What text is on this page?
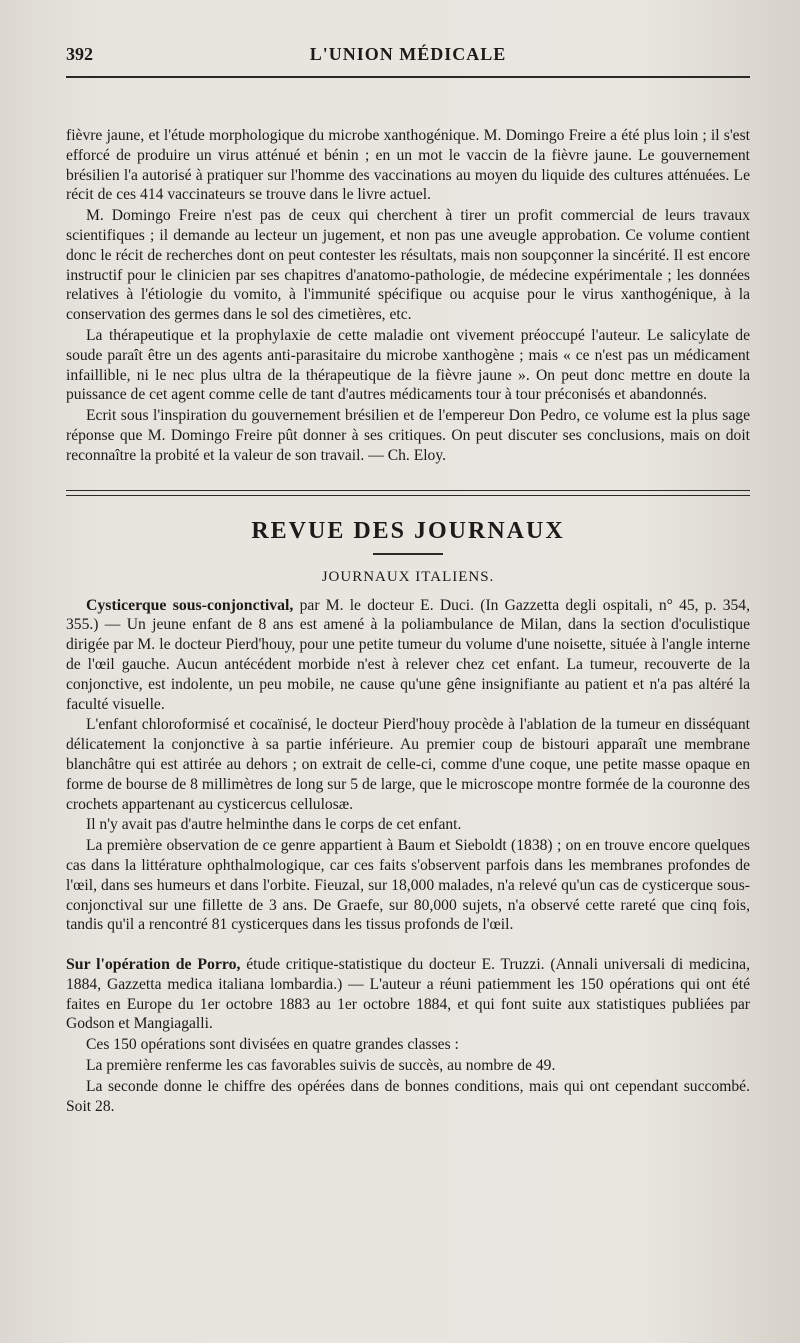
392	L'UNION MÉDICALE

fièvre jaune, et l'étude morphologique du microbe xanthogénique. M. Domingo Freire a été plus loin ; il s'est efforcé de produire un virus atténué et bénin ; en un mot le vaccin de la fièvre jaune. Le gouvernement brésilien l'a autorisé à pratiquer sur l'homme des vaccinations au moyen du liquide des cultures atténuées. Le récit de ces 414 vaccinateurs se trouve dans le livre actuel.

M. Domingo Freire n'est pas de ceux qui cherchent à tirer un profit commercial de leurs travaux scientifiques ; il demande au lecteur un jugement, et non pas une aveugle approbation. Ce volume contient donc le récit de recherches dont on peut contester les résultats, mais non soupçonner la sincérité. Il est encore instructif pour le clinicien par ses chapitres d'anatomo-pathologie, de médecine expérimentale ; les données relatives à l'étiologie du vomito, à l'immunité spécifique ou acquise pour le virus xanthogénique, à la conservation des germes dans le sol des cimetières, etc.

La thérapeutique et la prophylaxie de cette maladie ont vivement préoccupé l'auteur. Le salicylate de soude paraît être un des agents anti-parasitaire du microbe xanthogène ; mais « ce n'est pas un médicament infaillible, ni le nec plus ultra de la thérapeutique de la fièvre jaune ». On peut donc mettre en doute la puissance de cet agent comme celle de tant d'autres médicaments tour à tour préconisés et abandonnés.

Ecrit sous l'inspiration du gouvernement brésilien et de l'empereur Don Pedro, ce volume est la plus sage réponse que M. Domingo Freire pût donner à ses critiques. On peut discuter ses conclusions, mais on doit reconnaître la probité et la valeur de son travail. — Ch. Eloy.

REVUE DES JOURNAUX
JOURNAUX ITALIENS.

Cysticerque sous-conjonctival, par M. le docteur E. Duci. (In Gazzetta degli ospitali, n° 45, p. 354, 355.) — Un jeune enfant de 8 ans est amené à la poliambulance de Milan, dans la section d'oculistique dirigée par M. le docteur Pierd'houy, pour une petite tumeur du volume d'une noisette, située à l'angle interne de l'œil gauche. Aucun antécédent morbide n'est à relever chez cet enfant. La tumeur, recouverte de la conjonctive, est indolente, un peu mobile, ne cause qu'une gêne insignifiante au patient et n'a pas altéré la faculté visuelle.

L'enfant chloroformisé et cocaïnisé, le docteur Pierd'houy procède à l'ablation de la tumeur en disséquant délicatement la conjonctive à sa partie inférieure. Au premier coup de bistouri apparaît une membrane blanchâtre qui est attirée au dehors ; on extrait de celle-ci, comme d'une coque, une petite masse opaque en forme de bourse de 8 millimètres de long sur 5 de large, que le microscope montre formée de la couronne des crochets appartenant au cysticercus cellulosæ.

Il n'y avait pas d'autre helminthe dans le corps de cet enfant.

La première observation de ce genre appartient à Baum et Sieboldt (1838) ; on en trouve encore quelques cas dans la littérature ophthalmologique, car ces faits s'observent parfois dans les membranes profondes de l'œil, dans ses humeurs et dans l'orbite. Fieuzal, sur 18,000 malades, n'a relevé qu'un cas de cysticerque sous-conjonctival sur une fillette de 3 ans. De Graefe, sur 80,000 sujets, n'a observé cette rareté que cinq fois, tandis qu'il a rencontré 81 cysticerques dans les tissus profonds de l'œil.

Sur l'opération de Porro, étude critique-statistique du docteur E. Truzzi. (Annali universali di medicina, 1884, Gazzetta medica italiana lombardia.) — L'auteur a réuni patiemment les 150 opérations qui ont été faites en Europe du 1er octobre 1883 au 1er octobre 1884, et qui font suite aux statistiques publiées par Godson et Mangiagalli.

Ces 150 opérations sont divisées en quatre grandes classes :

La première renferme les cas favorables suivis de succès, au nombre de 49.

La seconde donne le chiffre des opérées dans de bonnes conditions, mais qui ont cependant succombé. Soit 28.
